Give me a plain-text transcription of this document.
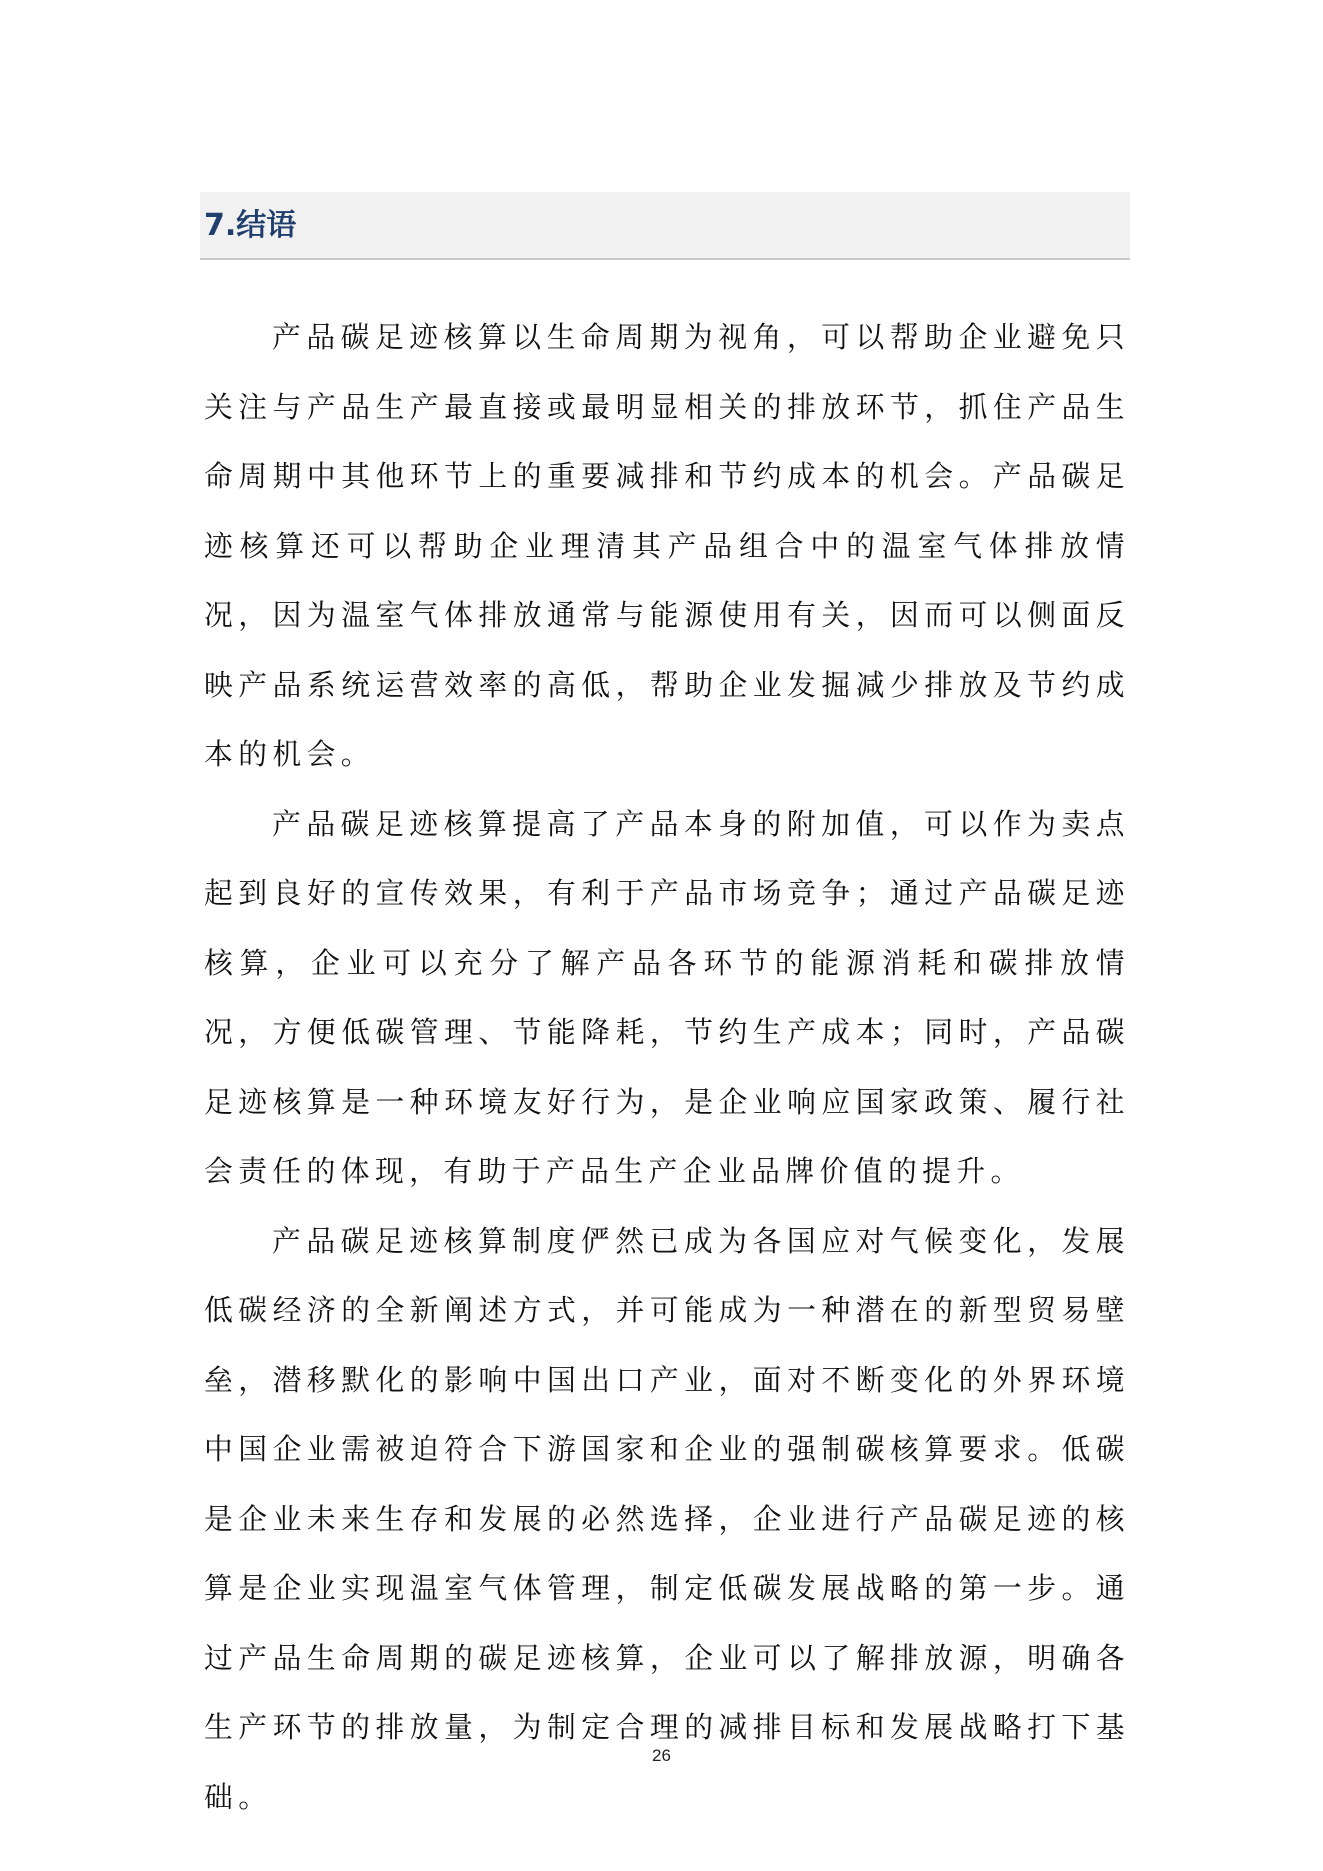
7.结语

产品碳足迹核算以生命周期为视角，可以帮助企业避免只关注与产品生产最直接或最明显相关的排放环节，抓住产品生命周期中其他环节上的重要减排和节约成本的机会。产品碳足迹核算还可以帮助企业理清其产品组合中的温室气体排放情况，因为温室气体排放通常与能源使用有关，因而可以侧面反映产品系统运营效率的高低，帮助企业发掘减少排放及节约成本的机会。

产品碳足迹核算提高了产品本身的附加值，可以作为卖点起到良好的宣传效果，有利于产品市场竞争；通过产品碳足迹核算，企业可以充分了解产品各环节的能源消耗和碳排放情况，方便低碳管理、节能降耗，节约生产成本；同时，产品碳足迹核算是一种环境友好行为，是企业响应国家政策、履行社会责任的体现，有助于产品生产企业品牌价值的提升。

产品碳足迹核算制度俨然已成为各国应对气候变化，发展低碳经济的全新阐述方式，并可能成为一种潜在的新型贸易壁垒，潜移默化的影响中国出口产业，面对不断变化的外界环境中国企业需被迫符合下游国家和企业的强制碳核算要求。低碳是企业未来生存和发展的必然选择，企业进行产品碳足迹的核算是企业实现温室气体管理，制定低碳发展战略的第一步。通过产品生命周期的碳足迹核算，企业可以了解排放源，明确各生产环节的排放量，为制定合理的减排目标和发展战略打下基础。

26
